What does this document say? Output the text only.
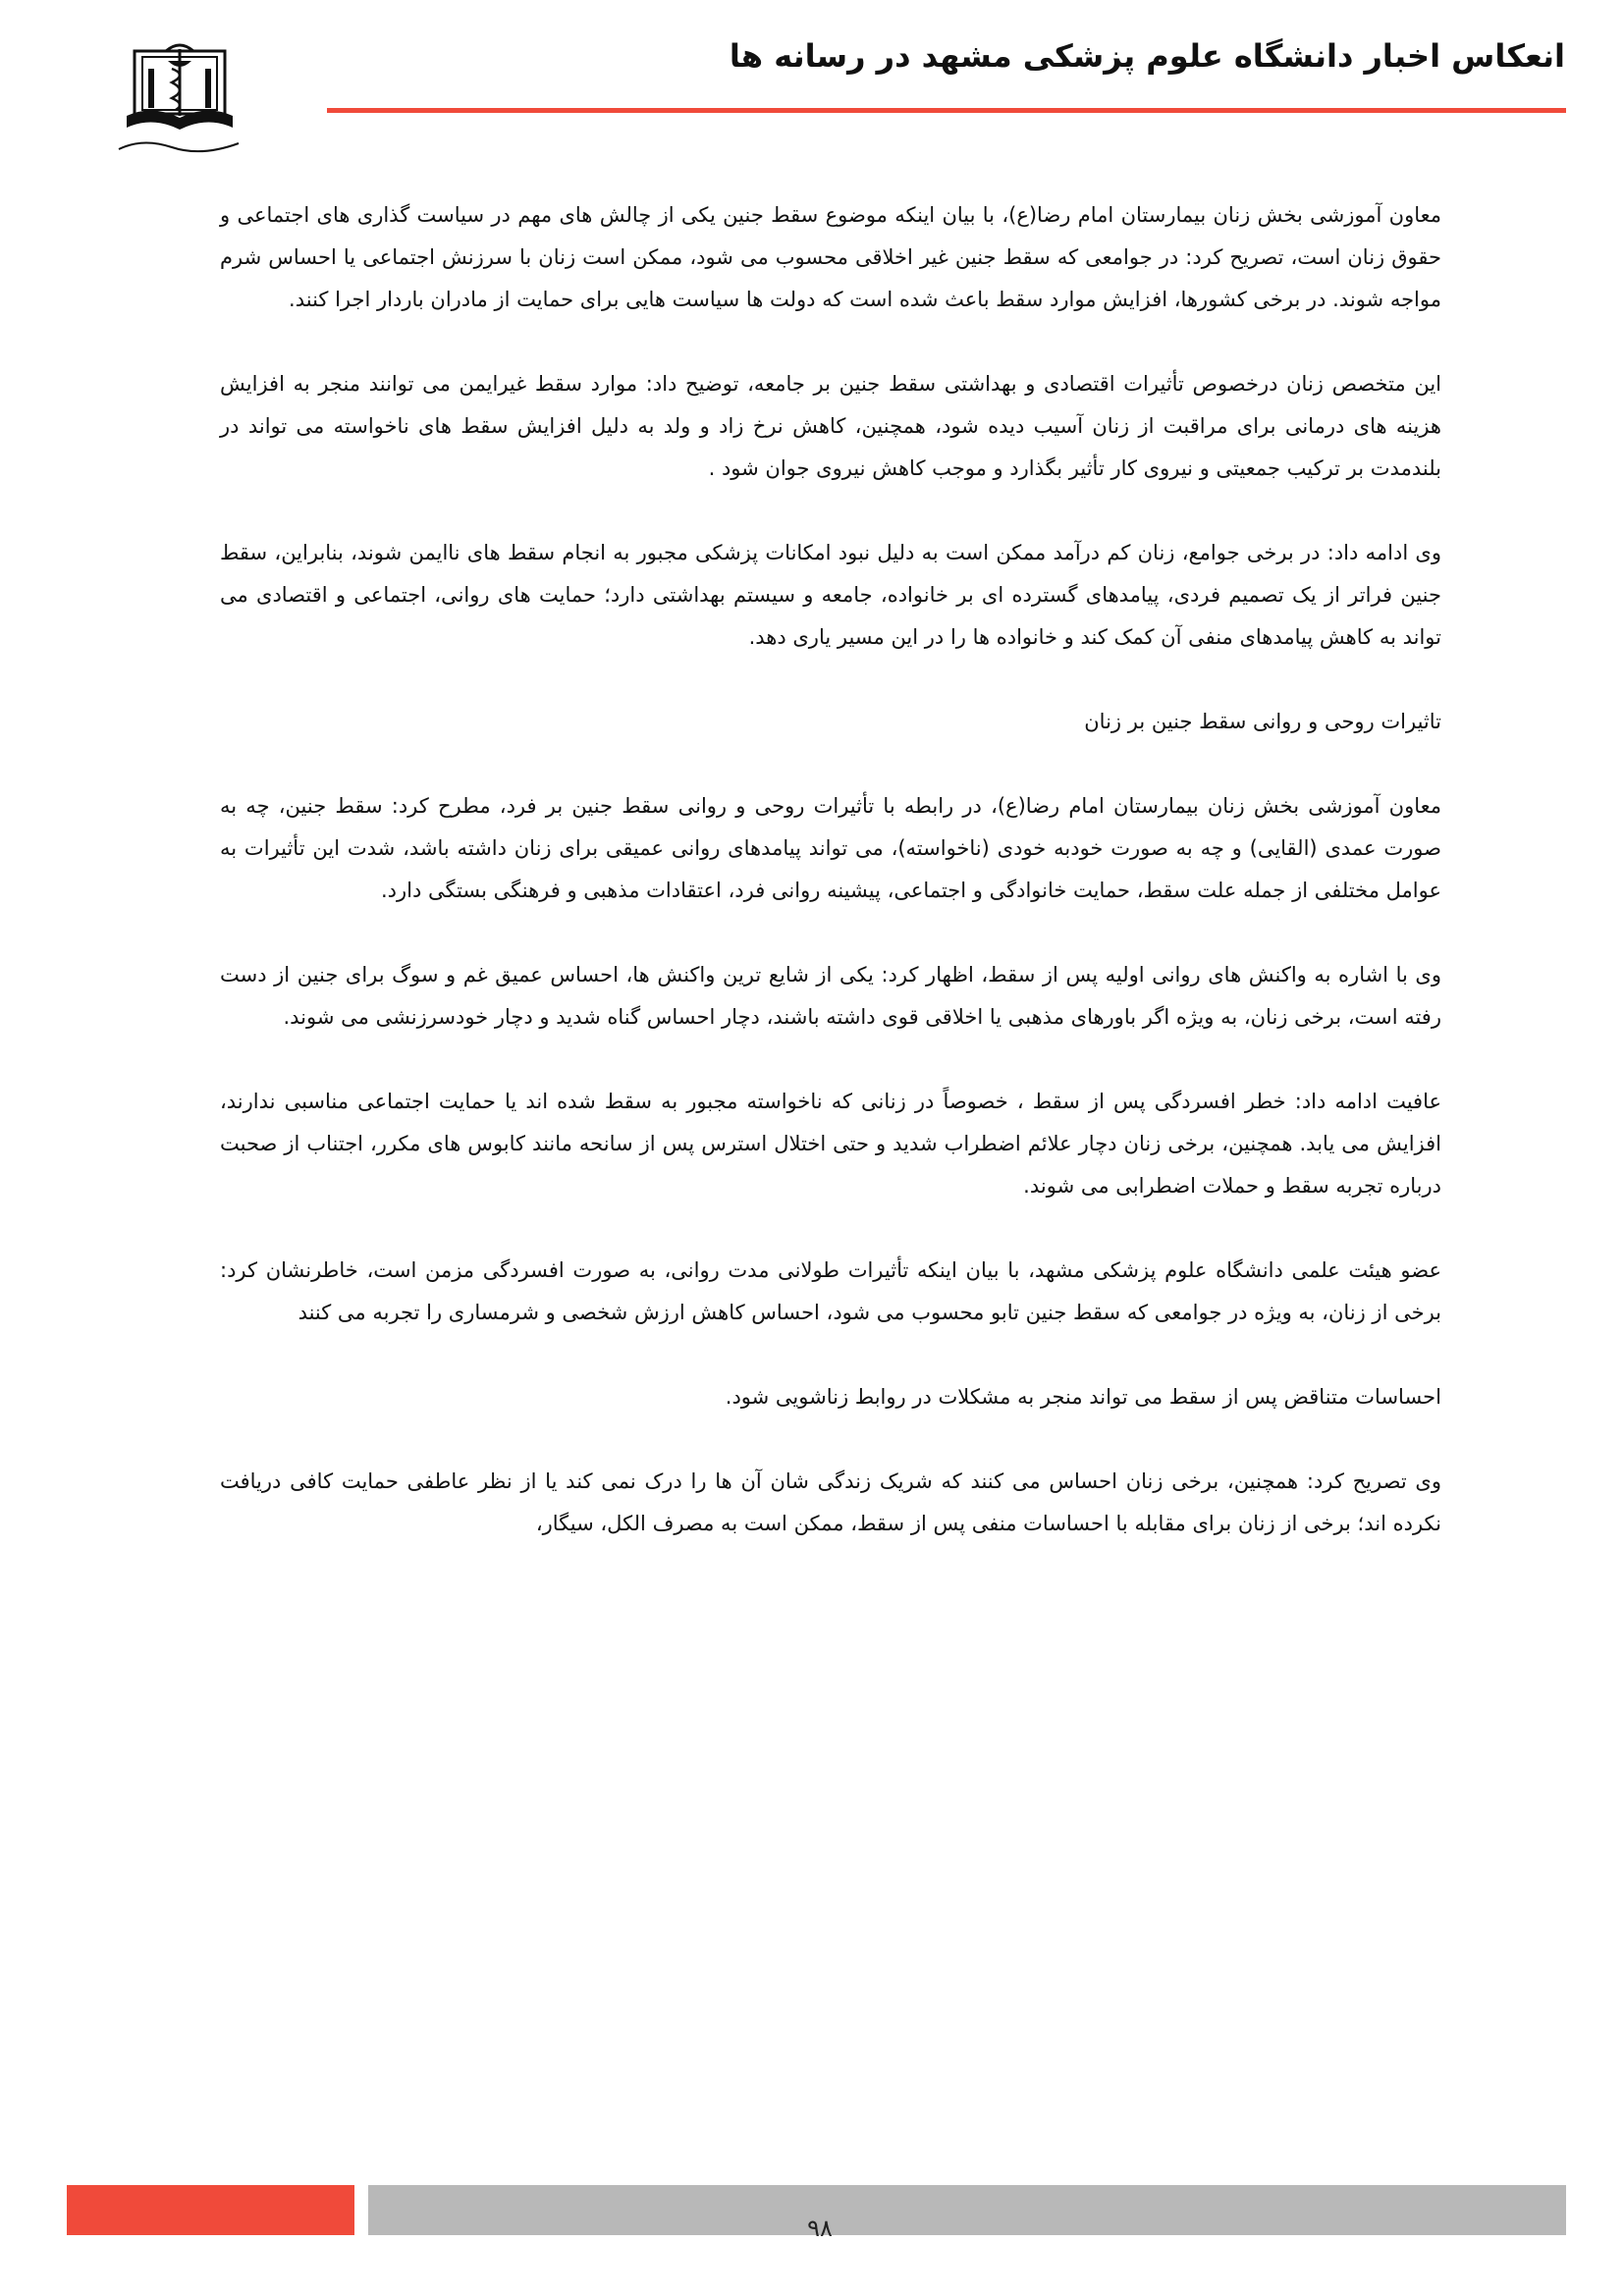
انعکاس اخبار دانشگاه علوم پزشکی مشهد در رسانه ها

معاون آموزشی بخش زنان بیمارستان امام رضا(ع)، با بیان اینکه موضوع سقط جنین یکی از چالش های مهم در سیاست گذاری های اجتماعی و حقوق زنان است، تصریح کرد: در جوامعی که سقط جنین غیر اخلاقی محسوب می شود، ممکن است زنان با سرزنش اجتماعی یا احساس شرم مواجه شوند. در برخی کشورها، افزایش موارد سقط باعث شده است که دولت ها سیاست هایی برای حمایت از مادران باردار اجرا کنند.

این متخصص زنان درخصوص تأثیرات اقتصادی و بهداشتی سقط جنین بر جامعه، توضیح داد: موارد سقط غیرایمن می توانند منجر به افزایش هزینه های درمانی برای مراقبت از زنان آسیب دیده شود، همچنین، کاهش نرخ زاد و ولد به دلیل افزایش سقط های ناخواسته می تواند در بلندمدت بر ترکیب جمعیتی و نیروی کار تأثیر بگذارد و موجب کاهش نیروی جوان شود .

وی ادامه داد: در برخی جوامع، زنان کم درآمد ممکن است به دلیل نبود امکانات پزشکی مجبور به انجام سقط های ناایمن شوند، بنابراین، سقط جنین فراتر از یک تصمیم فردی، پیامدهای گسترده ای بر خانواده، جامعه و سیستم بهداشتی دارد؛ حمایت های روانی، اجتماعی و اقتصادی می تواند به کاهش پیامدهای منفی آن کمک کند و خانواده ها را در این مسیر یاری دهد.

تاثیرات روحی و روانی سقط جنین بر زنان

معاون آموزشی بخش زنان بیمارستان امام رضا(ع)، در رابطه با تأثیرات روحی و روانی سقط جنین بر فرد، مطرح کرد: سقط جنین، چه به صورت عمدی (القایی) و چه به صورت خودبه خودی (ناخواسته)، می تواند پیامدهای روانی عمیقی برای زنان داشته باشد، شدت این تأثیرات به عوامل مختلفی از جمله علت سقط، حمایت خانوادگی و اجتماعی، پیشینه روانی فرد، اعتقادات مذهبی و فرهنگی بستگی دارد.

وی با اشاره به واکنش های روانی اولیه پس از سقط، اظهار کرد: یکی از شایع ترین واکنش ها، احساس عمیق غم و سوگ برای جنین از دست رفته است، برخی زنان، به ویژه اگر باورهای مذهبی یا اخلاقی قوی داشته باشند، دچار احساس گناه شدید و دچار خودسرزنشی می شوند.

عافیت ادامه داد: خطر افسردگی پس از سقط ، خصوصاً در زنانی که ناخواسته مجبور به سقط شده اند یا حمایت اجتماعی مناسبی ندارند، افزایش می یابد. همچنین، برخی زنان دچار علائم اضطراب شدید و حتی اختلال استرس پس از سانحه مانند کابوس های مکرر، اجتناب از صحبت درباره تجربه سقط و حملات اضطرابی می شوند.

عضو هیئت علمی دانشگاه علوم پزشکی مشهد، با بیان اینکه تأثیرات طولانی مدت روانی، به صورت افسردگی مزمن است، خاطرنشان کرد: برخی از زنان، به ویژه در جوامعی که سقط جنین تابو محسوب می شود، احساس کاهش ارزش شخصی و شرمساری را تجربه می کنند

احساسات متناقض پس از سقط می تواند منجر به مشکلات در روابط زناشویی شود.

وی تصریح کرد: همچنین، برخی زنان احساس می کنند که شریک زندگی شان آن ها را درک نمی کند یا از نظر عاطفی حمایت کافی دریافت نکرده اند؛ برخی از زنان برای مقابله با احساسات منفی پس از سقط، ممکن است به مصرف الکل، سیگار،

۹۸
